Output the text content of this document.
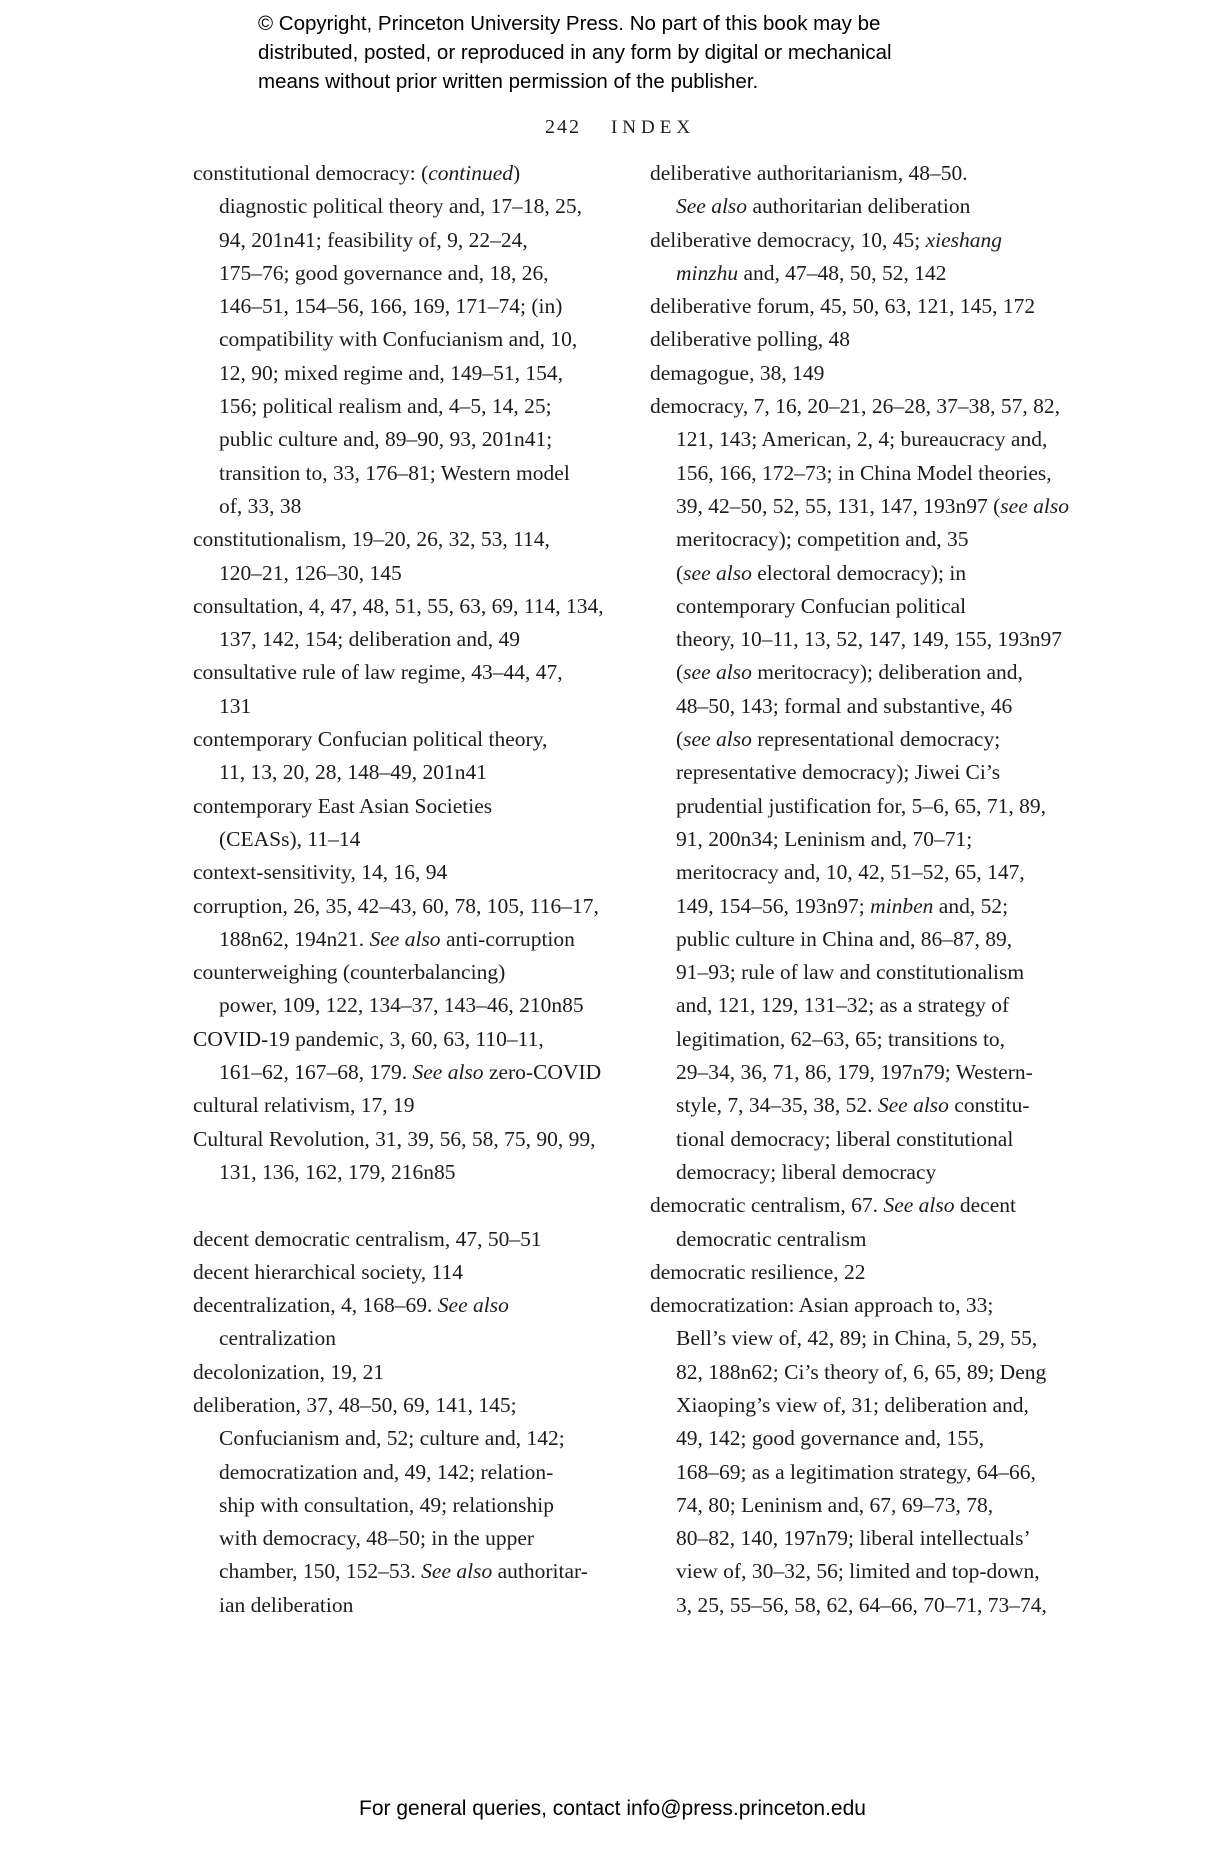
© Copyright, Princeton University Press. No part of this book may be
distributed, posted, or reproduced in any form by digital or mechanical
means without prior written permission of the publisher.
242 INDEX
constitutional democracy: (continued)
diagnostic political theory and, 17–18, 25,
94, 201n41; feasibility of, 9, 22–24,
175–76; good governance and, 18, 26,
146–51, 154–56, 166, 169, 171–74; (in)
compatibility with Confucianism and, 10,
12, 90; mixed regime and, 149–51, 154,
156; political realism and, 4–5, 14, 25;
public culture and, 89–90, 93, 201n41;
transition to, 33, 176–81; Western model
of, 33, 38
constitutionalism, 19–20, 26, 32, 53, 114,
120–21, 126–30, 145
consultation, 4, 47, 48, 51, 55, 63, 69, 114, 134,
137, 142, 154; deliberation and, 49
consultative rule of law regime, 43–44, 47,
131
contemporary Confucian political theory,
11, 13, 20, 28, 148–49, 201n41
contemporary East Asian Societies
(CEASs), 11–14
context-sensitivity, 14, 16, 94
corruption, 26, 35, 42–43, 60, 78, 105, 116–17,
188n62, 194n21. See also anti-corruption
counterweighing (counterbalancing)
power, 109, 122, 134–37, 143–46, 210n85
COVID-19 pandemic, 3, 60, 63, 110–11,
161–62, 167–68, 179. See also zero-COVID
cultural relativism, 17, 19
Cultural Revolution, 31, 39, 56, 58, 75, 90, 99,
131, 136, 162, 179, 216n85
decent democratic centralism, 47, 50–51
decent hierarchical society, 114
decentralization, 4, 168–69. See also
centralization
decolonization, 19, 21
deliberation, 37, 48–50, 69, 141, 145;
Confucianism and, 52; culture and, 142;
democratization and, 49, 142; relation-
ship with consultation, 49; relationship
with democracy, 48–50; in the upper
chamber, 150, 152–53. See also authoritar-
ian deliberation
deliberative authoritarianism, 48–50.
See also authoritarian deliberation
deliberative democracy, 10, 45; xieshang
minzhu and, 47–48, 50, 52, 142
deliberative forum, 45, 50, 63, 121, 145, 172
deliberative polling, 48
demagogue, 38, 149
democracy, 7, 16, 20–21, 26–28, 37–38, 57, 82,
121, 143; American, 2, 4; bureaucracy and,
156, 166, 172–73; in China Model theories,
39, 42–50, 52, 55, 131, 147, 193n97 (see also
meritocracy); competition and, 35
(see also electoral democracy); in
contemporary Confucian political
theory, 10–11, 13, 52, 147, 149, 155, 193n97
(see also meritocracy); deliberation and,
48–50, 143; formal and substantive, 46
(see also representational democracy;
representative democracy); Jiwei Ci’s
prudential justification for, 5–6, 65, 71, 89,
91, 200n34; Leninism and, 70–71;
meritocracy and, 10, 42, 51–52, 65, 147,
149, 154–56, 193n97; minben and, 52;
public culture in China and, 86–87, 89,
91–93; rule of law and constitutionalism
and, 121, 129, 131–32; as a strategy of
legitimation, 62–63, 65; transitions to,
29–34, 36, 71, 86, 179, 197n79; Western-
style, 7, 34–35, 38, 52. See also constitu-
tional democracy; liberal constitutional
democracy; liberal democracy
democratic centralism, 67. See also decent
democratic centralism
democratic resilience, 22
democratization: Asian approach to, 33;
Bell’s view of, 42, 89; in China, 5, 29, 55,
82, 188n62; Ci’s theory of, 6, 65, 89; Deng
Xiaoping’s view of, 31; deliberation and,
49, 142; good governance and, 155,
168–69; as a legitimation strategy, 64–66,
74, 80; Leninism and, 67, 69–73, 78,
80–82, 140, 197n79; liberal intellectuals’
view of, 30–32, 56; limited and top-down,
3, 25, 55–56, 58, 62, 64–66, 70–71, 73–74,
For general queries, contact info@press.princeton.edu
